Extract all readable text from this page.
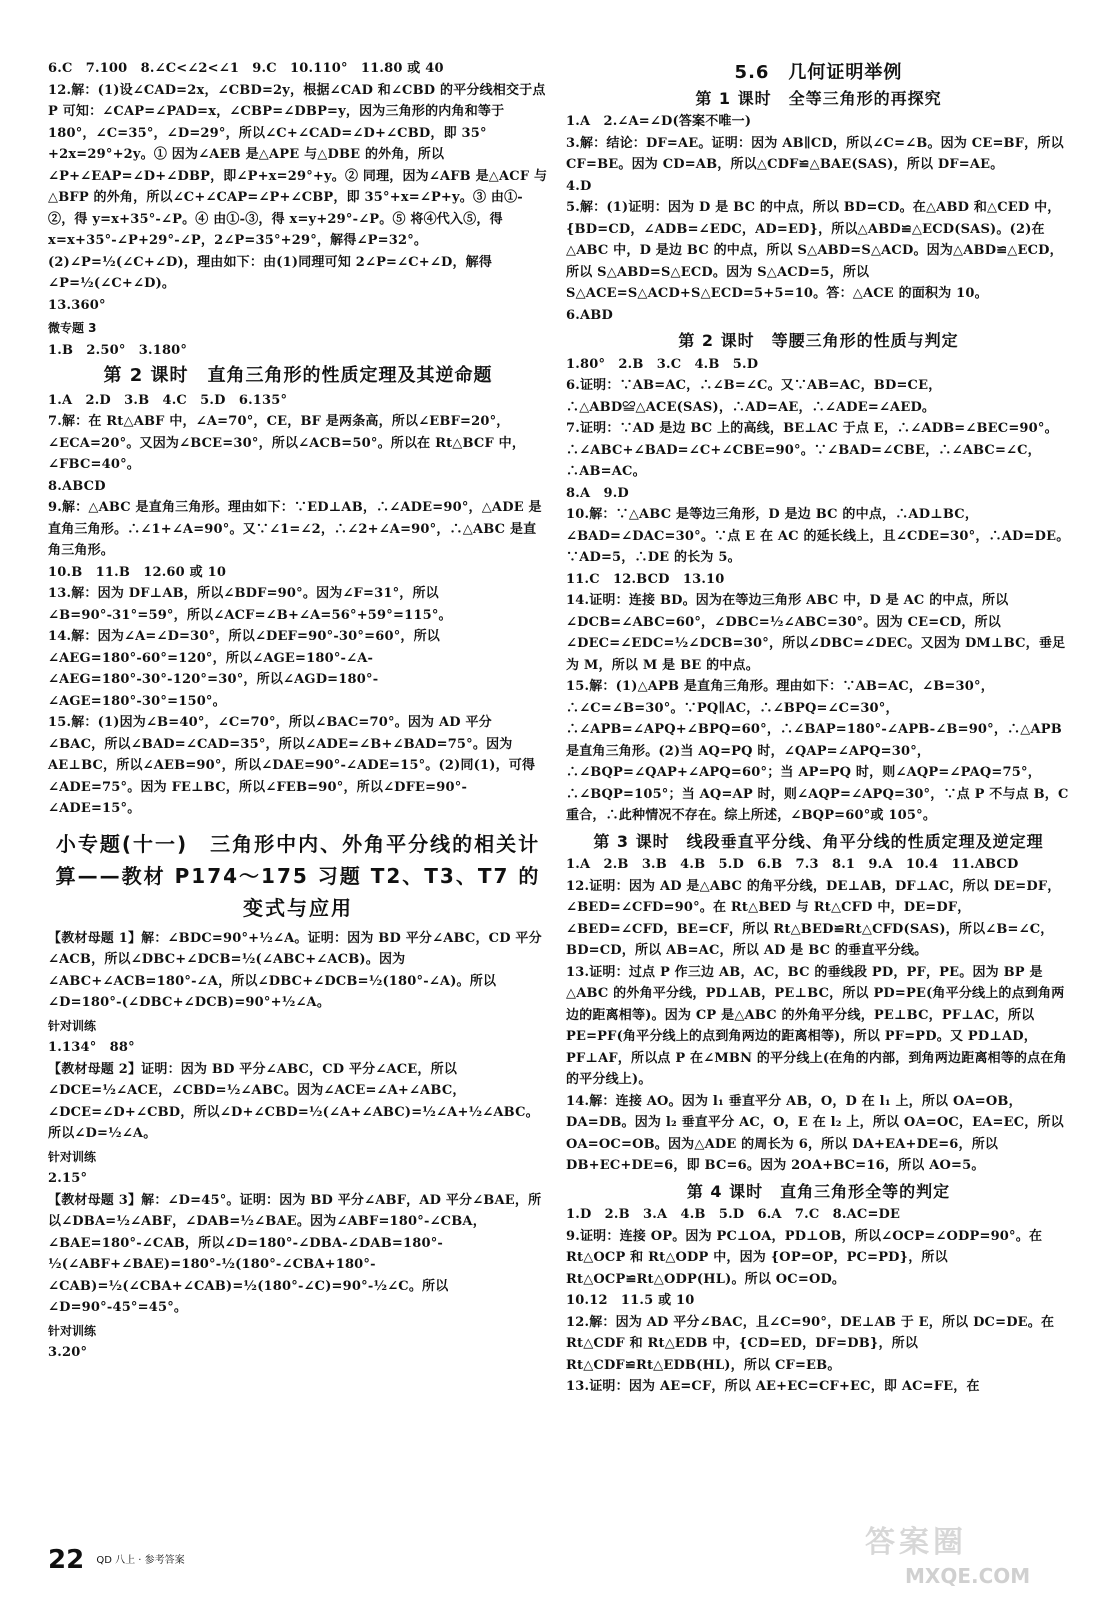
6.C　7.100　8.∠C<∠2<∠1　9.C　10.110°　11.80 或 40
12.解：(1)设∠CAD=2x，∠CBD=2y，根据∠CAD 和∠CBD 的平分线相交于点 P 可知：∠CAP=∠PAD=x，∠CBP=∠DBP=y，因为三角形的内角和等于 180°，∠C=35°，∠D=29°，所以∠C+∠CAD=∠D+∠CBD，即 35°+2x=29°+2y。① 因为∠AEB 是△APE 与△DBE 的外角，所以∠P+∠EAP=∠D+∠DBP，即∠P+x=29°+y。② 同理，因为∠AFB 是△ACF 与△BFP 的外角，所以∠C+∠CAP=∠P+∠CBP，即 35°+x=∠P+y。③ 由①-②，得 y=x+35°-∠P。④ 由①-③，得 x=y+29°-∠P。⑤ 将④代入⑤，得 x=x+35°-∠P+29°-∠P，2∠P=35°+29°，解得∠P=32°。(2)∠P=½(∠C+∠D)，理由如下：由(1)同理可知 2∠P=∠C+∠D，解得 ∠P=½(∠C+∠D)。
13.360°
微专题 3
1.B　2.50°　3.180°
第 2 课时　直角三角形的性质定理及其逆命题
1.A　2.D　3.B　4.C　5.D　6.135°
7.解：在 Rt△ABF 中，∠A=70°，CE，BF 是两条高，所以∠EBF=20°，∠ECA=20°。又因为∠BCE=30°，所以∠ACB=50°。所以在 Rt△BCF 中，∠FBC=40°。
8.ABCD
9.解：△ABC 是直角三角形。理由如下：∵ED⊥AB，∴∠ADE=90°，△ADE 是直角三角形。∴∠1+∠A=90°。又∵∠1=∠2，∴∠2+∠A=90°，∴△ABC 是直角三角形。
10.B　11.B　12.60 或 10
13.解：因为 DF⊥AB，所以∠BDF=90°。因为∠F=31°，所以∠B=90°-31°=59°，所以∠ACF=∠B+∠A=56°+59°=115°。
14.解：因为∠A=∠D=30°，所以∠DEF=90°-30°=60°，所以∠AEG=180°-60°=120°，所以∠AGE=180°-∠A-∠AEG=180°-30°-120°=30°，所以∠AGD=180°-∠AGE=180°-30°=150°。
15.解：(1)因为∠B=40°，∠C=70°，所以∠BAC=70°。因为 AD 平分∠BAC，所以∠BAD=∠CAD=35°，所以∠ADE=∠B+∠BAD=75°。因为 AE⊥BC，所以∠AEB=90°，所以∠DAE=90°-∠ADE=15°。(2)同(1)，可得∠ADE=75°。因为 FE⊥BC，所以∠FEB=90°，所以∠DFE=90°-∠ADE=15°。
小专题(十一)　三角形中内、外角平分线的相关计算——教材 P174～175 习题 T2、T3、T7 的变式与应用
【教材母题 1】解：∠BDC=90°+½∠A。证明：因为 BD 平分∠ABC，CD 平分∠ACB，所以∠DBC+∠DCB=½(∠ABC+∠ACB)。因为∠ABC+∠ACB=180°-∠A，所以∠DBC+∠DCB=½(180°-∠A)。所以∠D=180°-(∠DBC+∠DCB)=90°+½∠A。
针对训练
1.134°　88°
【教材母题 2】证明：因为 BD 平分∠ABC，CD 平分∠ACE，所以∠DCE=½∠ACE，∠CBD=½∠ABC。因为∠ACE=∠A+∠ABC，∠DCE=∠D+∠CBD，所以∠D+∠CBD=½(∠A+∠ABC)=½∠A+½∠ABC。所以∠D=½∠A。
针对训练
2.15°
【教材母题 3】解：∠D=45°。证明：因为 BD 平分∠ABF，AD 平分∠BAE，所以∠DBA=½∠ABF，∠DAB=½∠BAE。因为∠ABF=180°-∠CBA，∠BAE=180°-∠CAB，所以∠D=180°-∠DBA-∠DAB=180°-½(∠ABF+∠BAE)=180°-½(180°-∠CBA+180°-∠CAB)=½(∠CBA+∠CAB)=½(180°-∠C)=90°-½∠C。所以∠D=90°-45°=45°。
针对训练
3.20°
5.6　几何证明举例
第 1 课时　全等三角形的再探究
1.A　2.∠A=∠D(答案不唯一)
3.解：结论：DF=AE。证明：因为 AB∥CD，所以∠C=∠B。因为 CE=BF，所以 CF=BE。因为 CD=AB，所以△CDF≌△BAE(SAS)，所以 DF=AE。
4.D
5.解：(1)证明：因为 D 是 BC 的中点，所以 BD=CD。在△ABD 和△CED 中，{BD=CD，∠ADB=∠EDC，AD=ED}，所以△ABD≌△ECD(SAS)。(2)在△ABC 中，D 是边 BC 的中点，所以 S△ABD=S△ACD。因为△ABD≌△ECD，所以 S△ABD=S△ECD。因为 S△ACD=5，所以 S△ACE=S△ACD+S△ECD=5+5=10。答：△ACE 的面积为 10。
6.ABD
第 2 课时　等腰三角形的性质与判定
1.80°　2.B　3.C　4.B　5.D
6.证明：∵AB=AC，∴∠B=∠C。又∵AB=AC，BD=CE，∴△ABD≌△ACE(SAS)，∴AD=AE，∴∠ADE=∠AED。
7.证明：∵AD 是边 BC 上的高线，BE⊥AC 于点 E，∴∠ADB=∠BEC=90°。∴∠ABC+∠BAD=∠C+∠CBE=90°。∵∠BAD=∠CBE，∴∠ABC=∠C，∴AB=AC。
8.A　9.D
10.解：∵△ABC 是等边三角形，D 是边 BC 的中点，∴AD⊥BC，∠BAD=∠DAC=30°。∵点 E 在 AC 的延长线上，且∠CDE=30°，∴AD=DE。∵AD=5，∴DE 的长为 5。
11.C　12.BCD　13.10
14.证明：连接 BD。因为在等边三角形 ABC 中，D 是 AC 的中点，所以∠DCB=∠ABC=60°，∠DBC=½∠ABC=30°。因为 CE=CD，所以∠DEC=∠EDC=½∠DCB=30°，所以∠DBC=∠DEC。又因为 DM⊥BC，垂足为 M，所以 M 是 BE 的中点。
15.解：(1)△APB 是直角三角形。理由如下：∵AB=AC，∠B=30°，∴∠C=∠B=30°。∵PQ∥AC，∴∠BPQ=∠C=30°，∴∠APB=∠APQ+∠BPQ=60°，∴∠BAP=180°-∠APB-∠B=90°，∴△APB 是直角三角形。(2)当 AQ=PQ 时，∠QAP=∠APQ=30°，∴∠BQP=∠QAP+∠APQ=60°；当 AP=PQ 时，则∠AQP=∠PAQ=75°，∴∠BQP=105°；当 AQ=AP 时，则∠AQP=∠APQ=30°，∵点 P 不与点 B，C 重合，∴此种情况不存在。综上所述，∠BQP=60°或 105°。
第 3 课时　线段垂直平分线、角平分线的性质定理及逆定理
1.A　2.B　3.B　4.B　5.D　6.B　7.3　8.1　9.A　10.4　11.ABCD
12.证明：因为 AD 是△ABC 的角平分线，DE⊥AB，DF⊥AC，所以 DE=DF，∠BED=∠CFD=90°。在 Rt△BED 与 Rt△CFD 中，DE=DF，∠BED=∠CFD，BE=CF，所以 Rt△BED≌Rt△CFD(SAS)，所以∠B=∠C，BD=CD，所以 AB=AC，所以 AD 是 BC 的垂直平分线。
13.证明：过点 P 作三边 AB，AC，BC 的垂线段 PD，PF，PE。因为 BP 是△ABC 的外角平分线，PD⊥AB，PE⊥BC，所以 PD=PE(角平分线上的点到角两边的距离相等)。因为 CP 是△ABC 的外角平分线，PE⊥BC，PF⊥AC，所以 PE=PF(角平分线上的点到角两边的距离相等)，所以 PF=PD。又 PD⊥AD，PF⊥AF，所以点 P 在∠MBN 的平分线上(在角的内部，到角两边距离相等的点在角的平分线上)。
14.解：连接 AO。因为 l₁ 垂直平分 AB，O，D 在 l₁ 上，所以 OA=OB，DA=DB。因为 l₂ 垂直平分 AC，O，E 在 l₂ 上，所以 OA=OC，EA=EC，所以 OA=OC=OB。因为△ADE 的周长为 6，所以 DA+EA+DE=6，所以 DB+EC+DE=6，即 BC=6。因为 2OA+BC=16，所以 AO=5。
第 4 课时　直角三角形全等的判定
1.D　2.B　3.A　4.B　5.D　6.A　7.C　8.AC=DE
9.证明：连接 OP。因为 PC⊥OA，PD⊥OB，所以∠OCP=∠ODP=90°。在 Rt△OCP 和 Rt△ODP 中，因为 {OP=OP，PC=PD}，所以 Rt△OCP≌Rt△ODP(HL)。所以 OC=OD。
10.12　11.5 或 10
12.解：因为 AD 平分∠BAC，且∠C=90°，DE⊥AB 于 E，所以 DC=DE。在 Rt△CDF 和 Rt△EDB 中，{CD=ED，DF=DB}，所以 Rt△CDF≌Rt△EDB(HL)，所以 CF=EB。
13.证明：因为 AE=CF，所以 AE+EC=CF+EC，即 AC=FE，在
22 QD 八上 · 参考答案
答案圈
MXQE.COM
